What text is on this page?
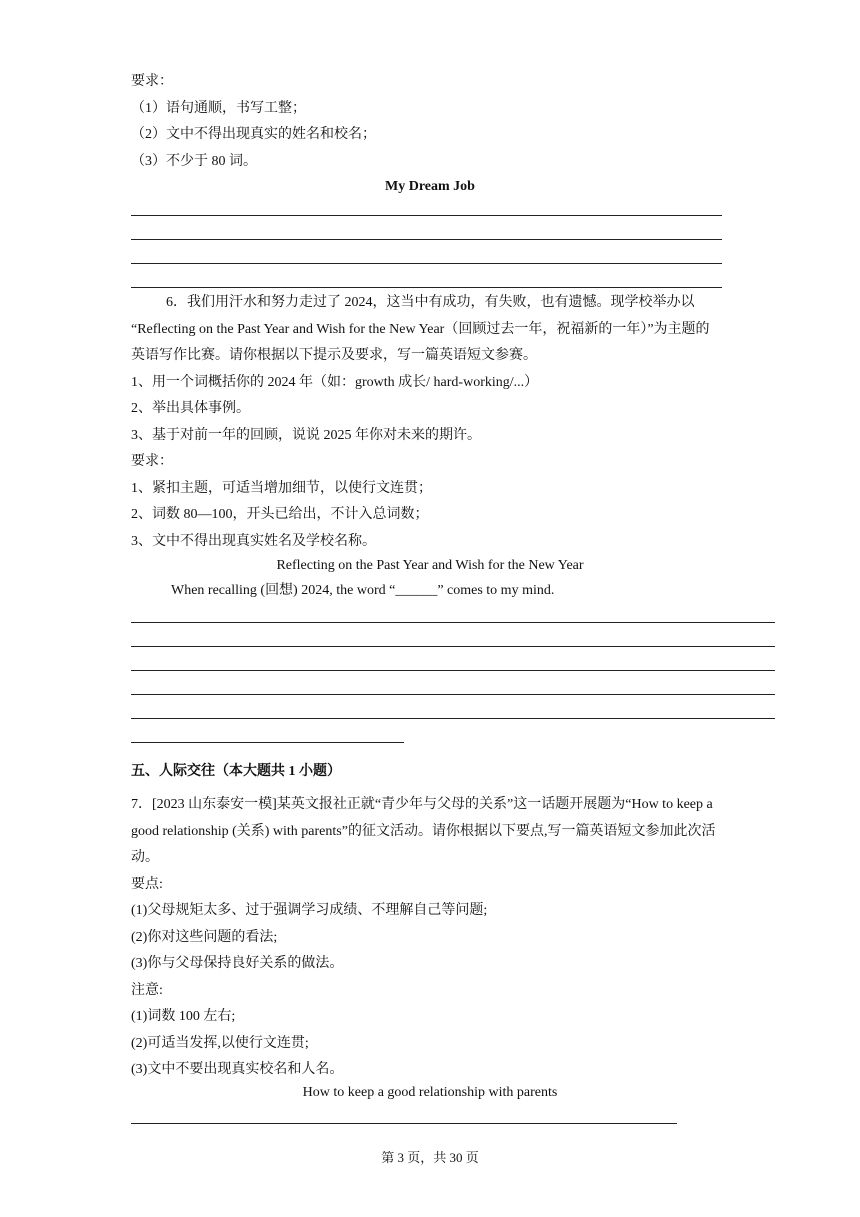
要求：
（1）语句通顺，书写工整；
（2）文中不得出现真实的姓名和校名；
（3）不少于 80 词。
My Dream Job
6．我们用汗水和努力走过了 2024，这当中有成功，有失败，也有遗憾。现学校举办以
“Reflecting on the Past Year and Wish for the New Year（回顾过去一年，祝福新的一年）”为主题的
英语写作比赛。请你根据以下提示及要求，写一篇英语短文参赛。
1、用一个词概括你的 2024 年（如：growth 成长/ hard-working/...）
2、举出具体事例。
3、基于对前一年的回顾，说说 2025 年你对未来的期许。
要求：
1、紧扣主题，可适当增加细节，以使行文连贯；
2、词数 80—100，开头已给出，不计入总词数；
3、文中不得出现真实姓名及学校名称。
Reflecting on the Past Year and Wish for the New Year
When recalling (回想) 2024, the word “______” comes to my mind.
五、人际交往（本大题共 1 小题）
7．[2023 山东泰安一模]某英文报社正就“青少年与父母的关系”这一话题开展题为“How to keep a
good relationship (关系) with parents”的征文活动。请你根据以下要点,写一篇英语短文参加此次活
动。
要点:
(1)父母规矩太多、过于强调学习成绩、不理解自己等问题;
(2)你对这些问题的看法;
(3)你与父母保持良好关系的做法。
注意:
(1)词数 100 左右;
(2)可适当发挥,以使行文连贯;
(3)文中不要出现真实校名和人名。
How to keep a good relationship with parents
第 3 页，共 30 页
